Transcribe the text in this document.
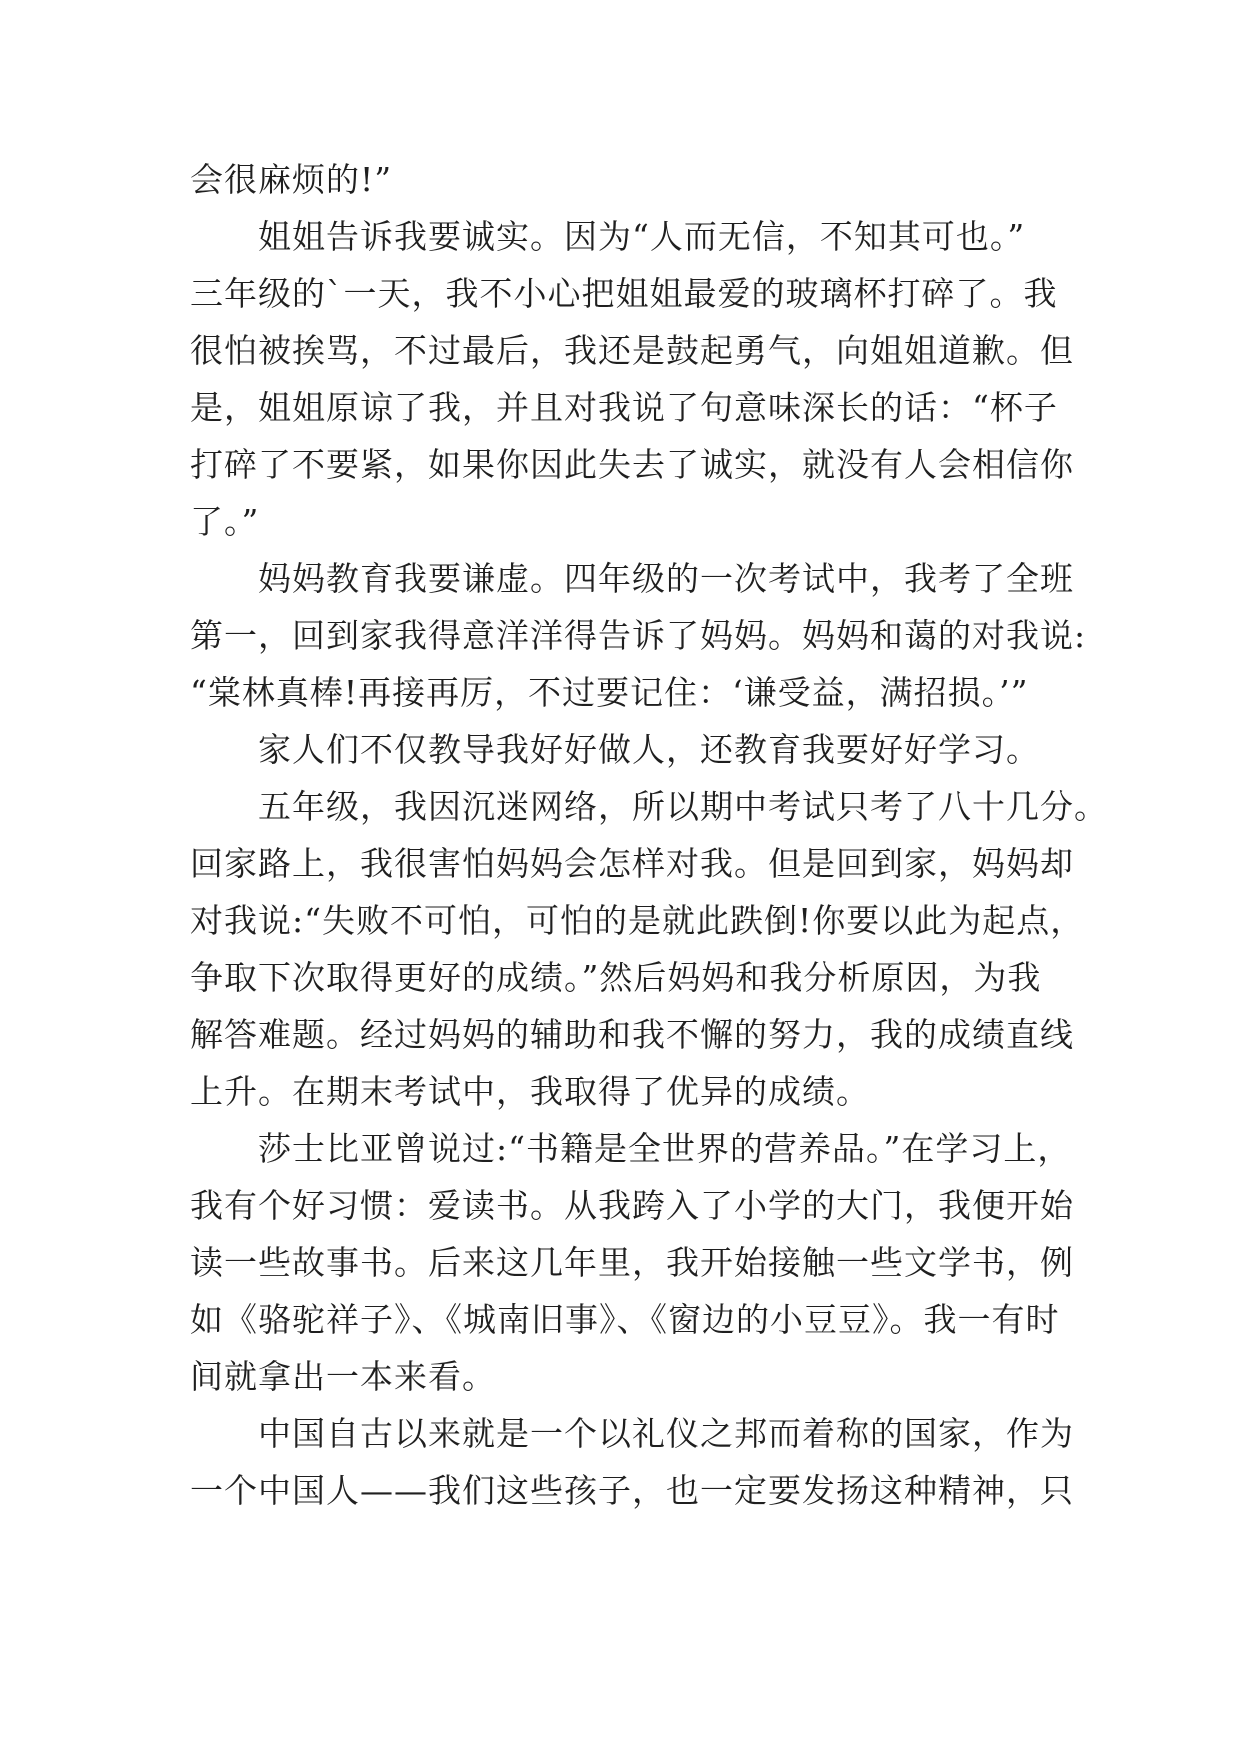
会很麻烦的!”

　　姐姐告诉我要诚实。因为“人而无信，不知其可也。”

三年级的`一天，我不小心把姐姐最爱的玻璃杯打碎了。我

很怕被挨骂，不过最后，我还是鼓起勇气，向姐姐道歉。但

是，姐姐原谅了我，并且对我说了句意味深长的话：“杯子

打碎了不要紧，如果你因此失去了诚实，就没有人会相信你

了。”

　　妈妈教育我要谦虚。四年级的一次考试中，我考了全班

第一，回到家我得意洋洋得告诉了妈妈。妈妈和蔼的对我说:

“棠林真棒!再接再厉，不过要记住：‘谦受益，满招损。’”

　　家人们不仅教导我好好做人，还教育我要好好学习。

　　五年级，我因沉迷网络，所以期中考试只考了八十几分。

回家路上，我很害怕妈妈会怎样对我。但是回到家，妈妈却

对我说:“失败不可怕，可怕的是就此跌倒!你要以此为起点，

争取下次取得更好的成绩。”然后妈妈和我分析原因，为我

解答难题。经过妈妈的辅助和我不懈的努力，我的成绩直线

上升。在期末考试中，我取得了优异的成绩。

　　莎士比亚曾说过:“书籍是全世界的营养品。”在学习上，

我有个好习惯：爱读书。从我跨入了小学的大门，我便开始

读一些故事书。后来这几年里，我开始接触一些文学书，例

如《骆驼祥子》、《城南旧事》、《窗边的小豆豆》。我一有时

间就拿出一本来看。

　　中国自古以来就是一个以礼仪之邦而着称的国家，作为

一个中国人——我们这些孩子，也一定要发扬这种精神，只
